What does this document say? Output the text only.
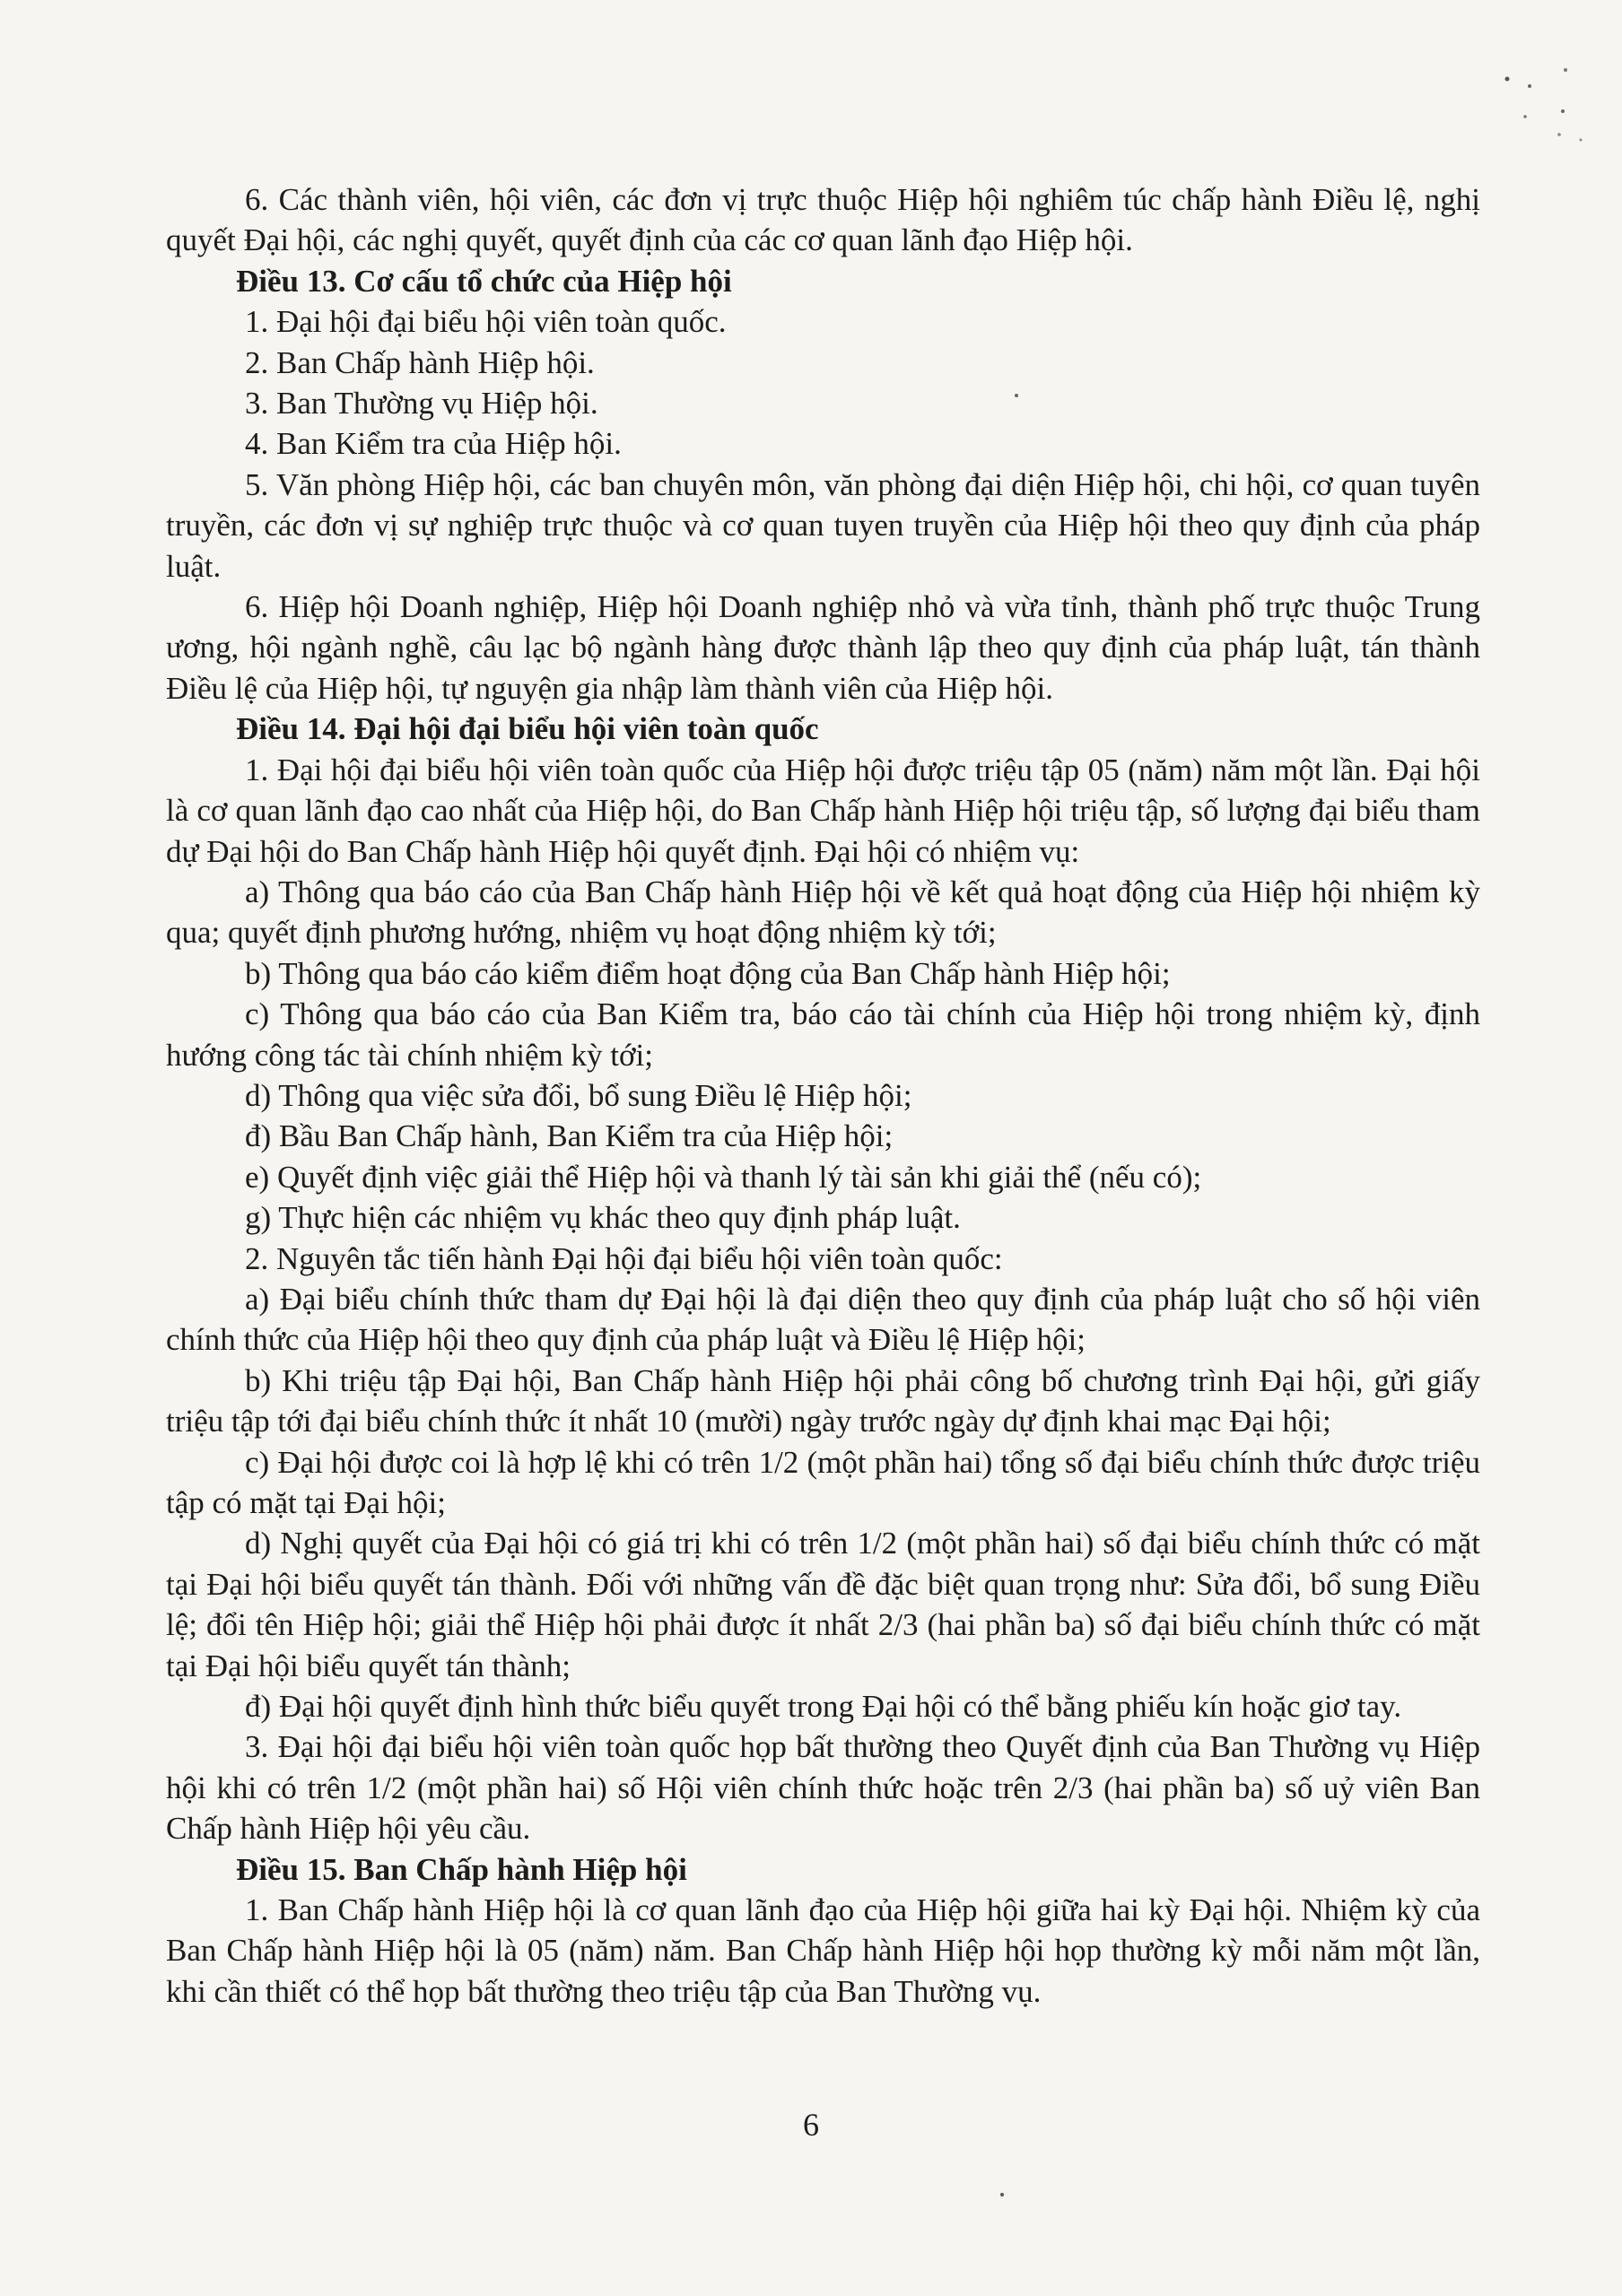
6. Các thành viên, hội viên, các đơn vị trực thuộc Hiệp hội nghiêm túc chấp hành Điều lệ, nghị quyết Đại hội, các nghị quyết, quyết định của các cơ quan lãnh đạo Hiệp hội.

Điều 13. Cơ cấu tổ chức của Hiệp hội

1. Đại hội đại biểu hội viên toàn quốc.

2. Ban Chấp hành Hiệp hội.

3. Ban Thường vụ Hiệp hội.

4. Ban Kiểm tra của Hiệp hội.

5. Văn phòng Hiệp hội, các ban chuyên môn, văn phòng đại diện Hiệp hội, chi hội, cơ quan tuyên truyền, các đơn vị sự nghiệp trực thuộc và cơ quan tuyen truyền của Hiệp hội theo quy định của pháp luật.

6. Hiệp hội Doanh nghiệp, Hiệp hội Doanh nghiệp nhỏ và vừa tỉnh, thành phố trực thuộc Trung ương, hội ngành nghề, câu lạc bộ ngành hàng được thành lập theo quy định của pháp luật, tán thành Điều lệ của Hiệp hội, tự nguyện gia nhập làm thành viên của Hiệp hội.

Điều 14. Đại hội đại biểu hội viên toàn quốc

1. Đại hội đại biểu hội viên toàn quốc của Hiệp hội được triệu tập 05 (năm) năm một lần. Đại hội là cơ quan lãnh đạo cao nhất của Hiệp hội, do Ban Chấp hành Hiệp hội triệu tập, số lượng đại biểu tham dự Đại hội do Ban Chấp hành Hiệp hội quyết định. Đại hội có nhiệm vụ:

a) Thông qua báo cáo của Ban Chấp hành Hiệp hội về kết quả hoạt động của Hiệp hội nhiệm kỳ qua; quyết định phương hướng, nhiệm vụ hoạt động nhiệm kỳ tới;

b) Thông qua báo cáo kiểm điểm hoạt động của Ban Chấp hành Hiệp hội;

c) Thông qua báo cáo của Ban Kiểm tra, báo cáo tài chính của Hiệp hội trong nhiệm kỳ, định hướng công tác tài chính nhiệm kỳ tới;

d) Thông qua việc sửa đổi, bổ sung Điều lệ Hiệp hội;

đ) Bầu Ban Chấp hành, Ban Kiểm tra của Hiệp hội;

e) Quyết định việc giải thể Hiệp hội và thanh lý tài sản khi giải thể (nếu có);

g) Thực hiện các nhiệm vụ khác theo quy định pháp luật.

2. Nguyên tắc tiến hành Đại hội đại biểu hội viên toàn quốc:

a) Đại biểu chính thức tham dự Đại hội là đại diện theo quy định của pháp luật cho số hội viên chính thức của Hiệp hội theo quy định của pháp luật và Điều lệ Hiệp hội;

b) Khi triệu tập Đại hội, Ban Chấp hành Hiệp hội phải công bố chương trình Đại hội, gửi giấy triệu tập tới đại biểu chính thức ít nhất 10 (mười) ngày trước ngày dự định khai mạc Đại hội;

c) Đại hội được coi là hợp lệ khi có trên 1/2 (một phần hai) tổng số đại biểu chính thức được triệu tập có mặt tại Đại hội;

d) Nghị quyết của Đại hội có giá trị khi có trên 1/2 (một phần hai) số đại biểu chính thức có mặt tại Đại hội biểu quyết tán thành. Đối với những vấn đề đặc biệt quan trọng như: Sửa đổi, bổ sung Điều lệ; đổi tên Hiệp hội; giải thể Hiệp hội phải được ít nhất 2/3 (hai phần ba) số đại biểu chính thức có mặt tại Đại hội biểu quyết tán thành;

đ) Đại hội quyết định hình thức biểu quyết trong Đại hội có thể bằng phiếu kín hoặc giơ tay.

3. Đại hội đại biểu hội viên toàn quốc họp bất thường theo Quyết định của Ban Thường vụ Hiệp hội khi có trên 1/2 (một phần hai) số Hội viên chính thức hoặc trên 2/3 (hai phần ba) số uỷ viên Ban Chấp hành Hiệp hội yêu cầu.

Điều 15. Ban Chấp hành Hiệp hội

1. Ban Chấp hành Hiệp hội là cơ quan lãnh đạo của Hiệp hội giữa hai kỳ Đại hội. Nhiệm kỳ của Ban Chấp hành Hiệp hội là 05 (năm) năm. Ban Chấp hành Hiệp hội họp thường kỳ mỗi năm một lần, khi cần thiết có thể họp bất thường theo triệu tập của Ban Thường vụ.

6
